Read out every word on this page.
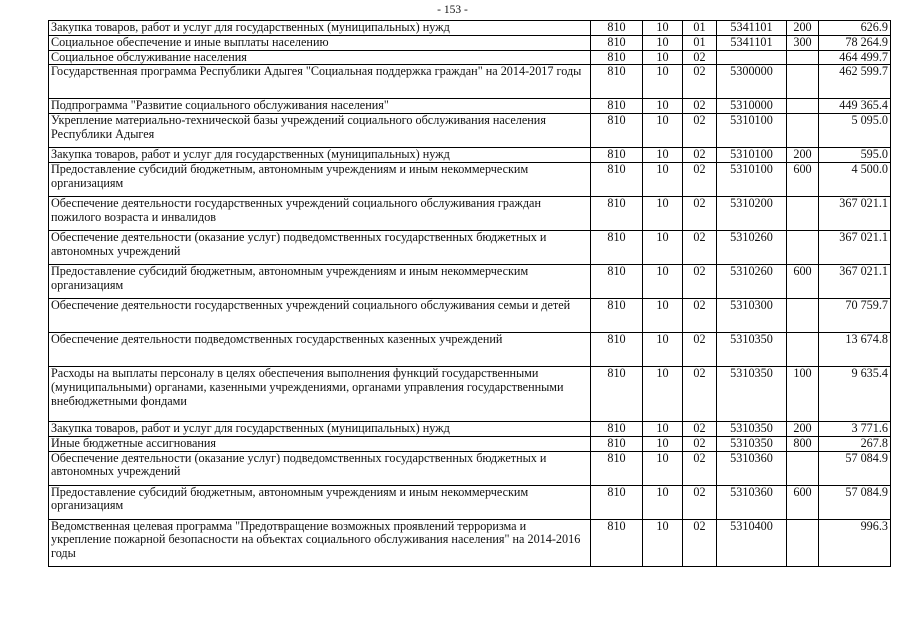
- 153 -
Закупка товаров, работ и услуг для государственных (муниципальных) нужд	810	10	01	5341101	200	626.9
Социальное обеспечение и иные выплаты населению	810	10	01	5341101	300	78 264.9
Социальное обслуживание населения	810	10	02			464 499.7
Государственная программа Республики Адыгея "Социальная поддержка граждан" на 2014-2017 годы	810	10	02	5300000		462 599.7
Подпрограмма "Развитие социального обслуживания населения"	810	10	02	5310000		449 365.4
Укрепление материально-технической базы учреждений социального обслуживания населения Республики Адыгея	810	10	02	5310100		5 095.0
Закупка товаров, работ и услуг для государственных (муниципальных) нужд	810	10	02	5310100	200	595.0
Предоставление субсидий бюджетным, автономным учреждениям и иным некоммерческим организациям	810	10	02	5310100	600	4 500.0
Обеспечение деятельности государственных учреждений социального обслуживания граждан пожилого возраста и инвалидов	810	10	02	5310200		367 021.1
Обеспечение деятельности (оказание услуг) подведомственных государственных бюджетных и автономных учреждений	810	10	02	5310260		367 021.1
Предоставление субсидий бюджетным, автономным учреждениям и иным некоммерческим организациям	810	10	02	5310260	600	367 021.1
Обеспечение деятельности государственных учреждений социального обслуживания семьи и детей	810	10	02	5310300		70 759.7
Обеспечение деятельности подведомственных государственных казенных учреждений	810	10	02	5310350		13 674.8
Расходы на выплаты персоналу в целях обеспечения выполнения функций государственными (муниципальными) органами, казенными учреждениями, органами управления государственными внебюджетными фондами	810	10	02	5310350	100	9 635.4
Закупка товаров, работ и услуг для государственных (муниципальных) нужд	810	10	02	5310350	200	3 771.6
Иные бюджетные ассигнования	810	10	02	5310350	800	267.8
Обеспечение деятельности (оказание услуг) подведомственных государственных бюджетных и автономных учреждений	810	10	02	5310360		57 084.9
Предоставление субсидий бюджетным, автономным учреждениям и иным некоммерческим организациям	810	10	02	5310360	600	57 084.9
Ведомственная целевая программа "Предотвращение возможных проявлений терроризма и укрепление пожарной безопасности на объектах социального обслуживания населения" на 2014-2016 годы	810	10	02	5310400		996.3
